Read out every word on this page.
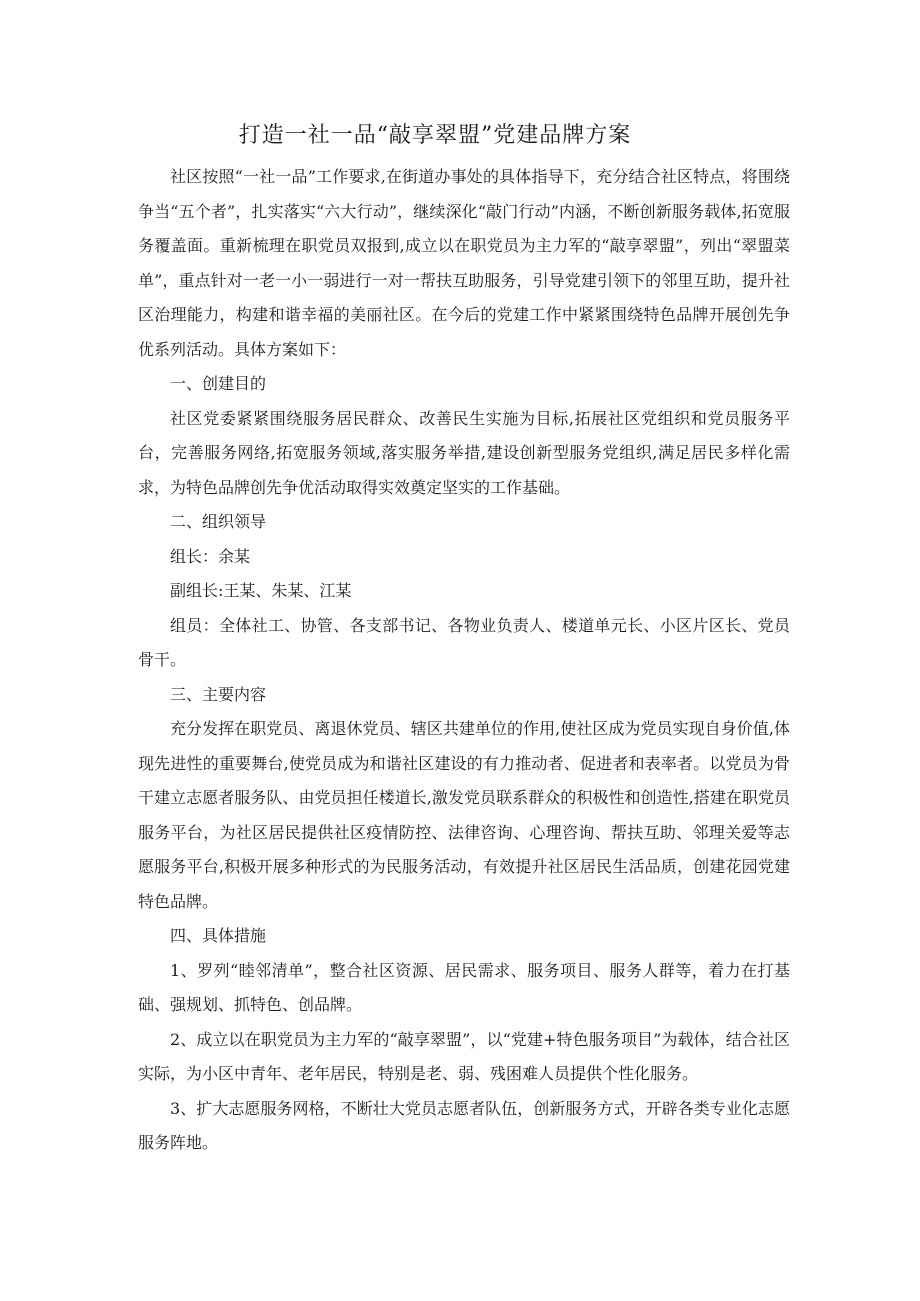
打造一社一品“敲享翠盟”党建品牌方案

社区按照“一社一品”工作要求,在街道办事处的具体指导下，充分结合社区特点，将围绕争当“五个者”，扎实落实“六大行动”，继续深化“敲门行动”内涵，不断创新服务载体,拓宽服务覆盖面。重新梳理在职党员双报到,成立以在职党员为主力军的“敲享翠盟”，列出“翠盟菜单”，重点针对一老一小一弱进行一对一帮扶互助服务，引导党建引领下的邻里互助，提升社区治理能力，构建和谐幸福的美丽社区。在今后的党建工作中紧紧围绕特色品牌开展创先争优系列活动。具体方案如下：

一、创建目的

社区党委紧紧围绕服务居民群众、改善民生实施为目标,拓展社区党组织和党员服务平台，完善服务网络,拓宽服务领域,落实服务举措,建设创新型服务党组织,满足居民多样化需求，为特色品牌创先争优活动取得实效奠定坚实的工作基础。

二、组织领导

组长：余某

副组长:王某、朱某、江某

组员：全体社工、协管、各支部书记、各物业负责人、楼道单元长、小区片区长、党员骨干。

三、主要内容

充分发挥在职党员、离退休党员、辖区共建单位的作用,使社区成为党员实现自身价值,体现先进性的重要舞台,使党员成为和谐社区建设的有力推动者、促进者和表率者。以党员为骨干建立志愿者服务队、由党员担任楼道长,激发党员联系群众的积极性和创造性,搭建在职党员服务平台，为社区居民提供社区疫情防控、法律咨询、心理咨询、帮扶互助、邻理关爱等志愿服务平台,积极开展多种形式的为民服务活动，有效提升社区居民生活品质，创建花园党建特色品牌。

四、具体措施

1、罗列“睦邻清单”，整合社区资源、居民需求、服务项目、服务人群等，着力在打基础、强规划、抓特色、创品牌。

2、成立以在职党员为主力军的“敲享翠盟”，以“党建+特色服务项目”为载体，结合社区实际，为小区中青年、老年居民，特别是老、弱、残困难人员提供个性化服务。

3、扩大志愿服务网格，不断壮大党员志愿者队伍，创新服务方式，开辟各类专业化志愿服务阵地。
